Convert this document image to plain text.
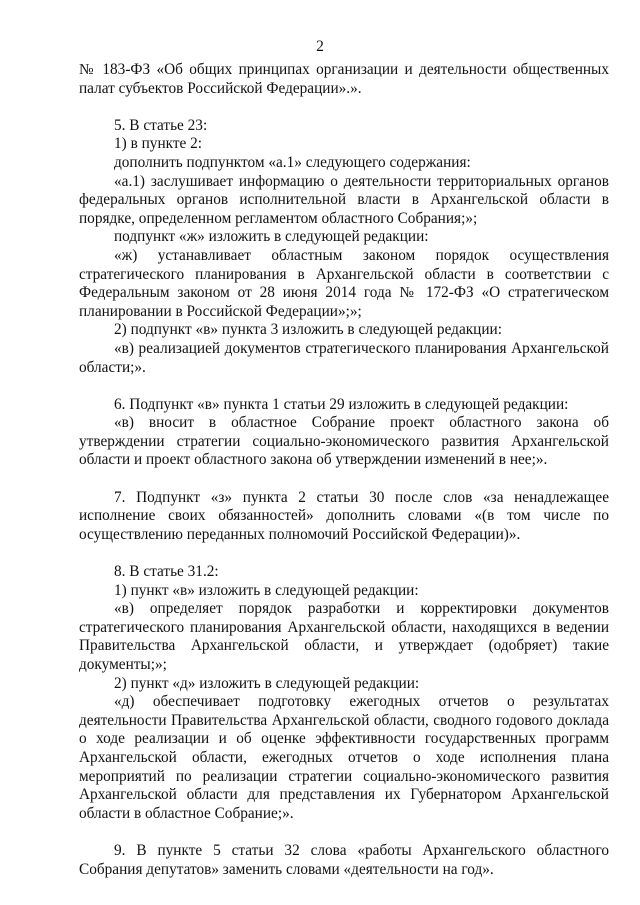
2

№ 183-ФЗ «Об общих принципах организации и деятельности общественных палат субъектов Российской Федерации».».

5. В статье 23:

1) в пункте 2:

дополнить подпунктом «а.1» следующего содержания:

«а.1) заслушивает информацию о деятельности территориальных органов федеральных органов исполнительной власти в Архангельской области в порядке, определенном регламентом областного Собрания;»;

подпункт «ж» изложить в следующей редакции:

«ж) устанавливает областным законом порядок осуществления стратегического планирования в Архангельской области в соответствии с Федеральным законом от 28 июня 2014 года № 172-ФЗ «О стратегическом планировании в Российской Федерации»;»;

2) подпункт «в» пункта 3 изложить в следующей редакции:

«в) реализацией документов стратегического планирования Архангельской области;».

6. Подпункт «в» пункта 1 статьи 29 изложить в следующей редакции:

«в) вносит в областное Собрание проект областного закона об утверждении стратегии социально-экономического развития Архангельской области и проект областного закона об утверждении изменений в нее;».

7. Подпункт «з» пункта 2 статьи 30 после слов «за ненадлежащее исполнение своих обязанностей» дополнить словами «(в том числе по осуществлению переданных полномочий Российской Федерации)».

8. В статье 31.2:

1) пункт «в» изложить в следующей редакции:

«в) определяет порядок разработки и корректировки документов стратегического планирования Архангельской области, находящихся в ведении Правительства Архангельской области, и утверждает (одобряет) такие документы;»;

2) пункт «д» изложить в следующей редакции:

«д) обеспечивает подготовку ежегодных отчетов о результатах деятельности Правительства Архангельской области, сводного годового доклада о ходе реализации и об оценке эффективности государственных программ Архангельской области, ежегодных отчетов о ходе исполнения плана мероприятий по реализации стратегии социально-экономического развития Архангельской области для представления их Губернатором Архангельской области в областное Собрание;».

9. В пункте 5 статьи 32 слова «работы Архангельского областного Собрания депутатов» заменить словами «деятельности на год».
